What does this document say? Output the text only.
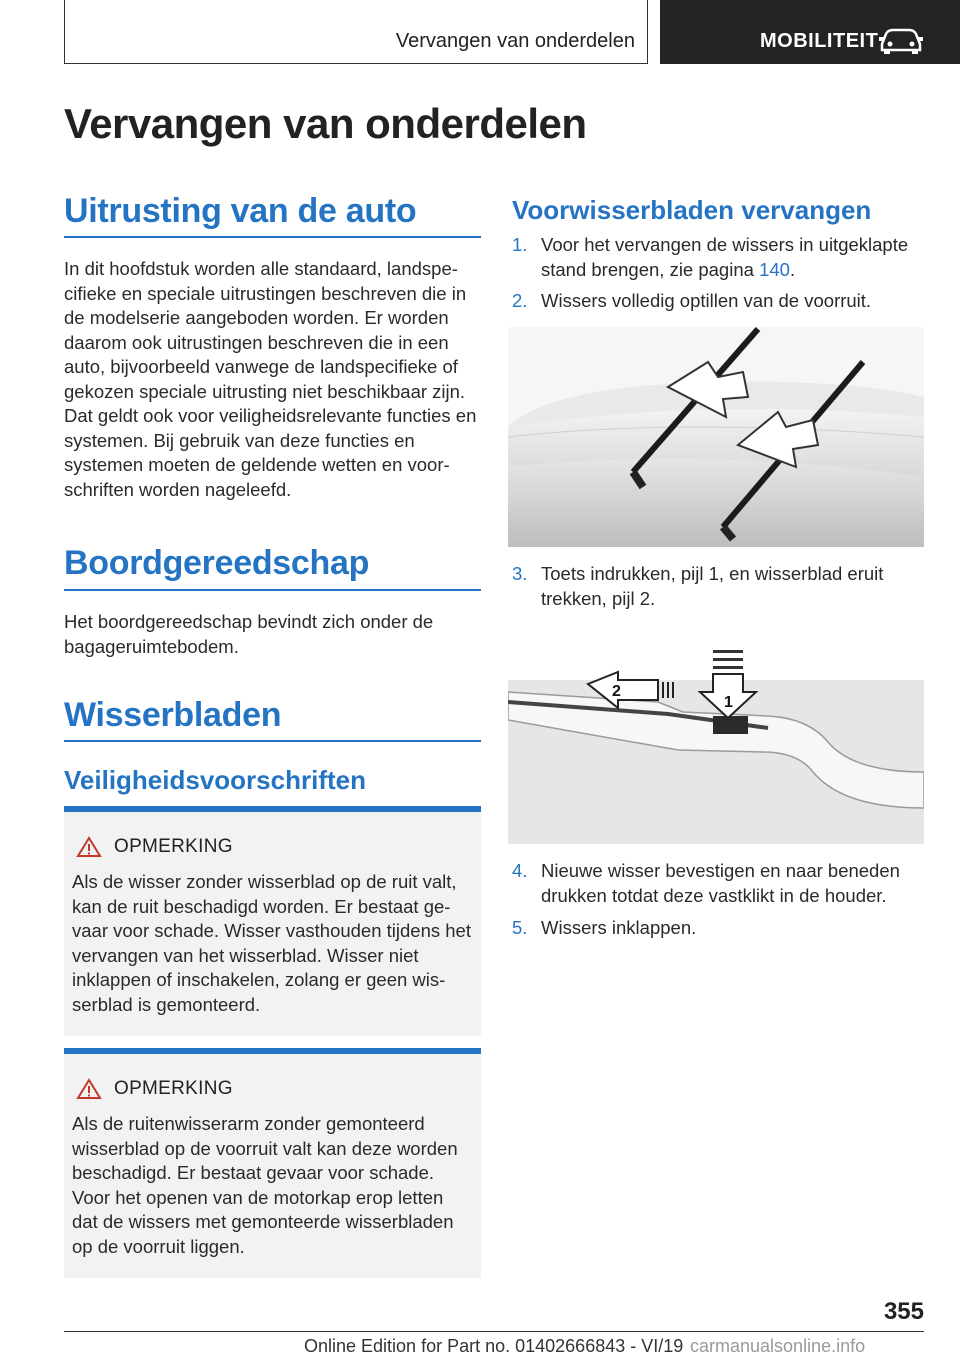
Vervangen van onderdelen	MOBILITEIT
Vervangen van onderdelen
Uitrusting van de auto

In dit hoofdstuk worden alle standaard, landspe-cifieke en speciale uitrustingen beschreven die in de modelserie aangeboden worden. Er worden daarom ook uitrustingen beschreven die in een auto, bijvoorbeeld vanwege de landspecifieke of gekozen speciale uitrusting niet beschikbaar zijn. Dat geldt ook voor veiligheidsrelevante functies en systemen. Bij gebruik van deze functies en systemen moeten de geldende wetten en voor-schriften worden nageleefd.

Boordgereedschap

Het boordgereedschap bevindt zich onder de bagageruimtebodem.

Wisserbladen
Veiligheidsvoorschriften
OPMERKING
Als de wisser zonder wisserblad op de ruit valt, kan de ruit beschadigd worden. Er bestaat ge-vaar voor schade. Wisser vasthouden tijdens het vervangen van het wisserblad. Wisser niet inklappen of inschakelen, zolang er geen wis-serblad is gemonteerd.
OPMERKING
Als de ruitenwisserarm zonder gemonteerd wisserblad op de voorruit valt kan deze worden beschadigd. Er bestaat gevaar voor schade. Voor het openen van de motorkap erop letten dat de wissers met gemonteerde wisserbladen op de voorruit liggen.
Voorwisserbladen vervangen
1. Voor het vervangen de wissers in uitgeklapte stand brengen, zie pagina 140.
2. Wissers volledig optillen van de voorruit.
3. Toets indrukken, pijl 1, en wisserblad eruit trekken, pijl 2.
1
2
4. Nieuwe wisser bevestigen en naar beneden drukken totdat deze vastklikt in de houder.
5. Wissers inklappen.
355
Online Edition for Part no. 01402666843 - VI/19 carmanualsonline.info
